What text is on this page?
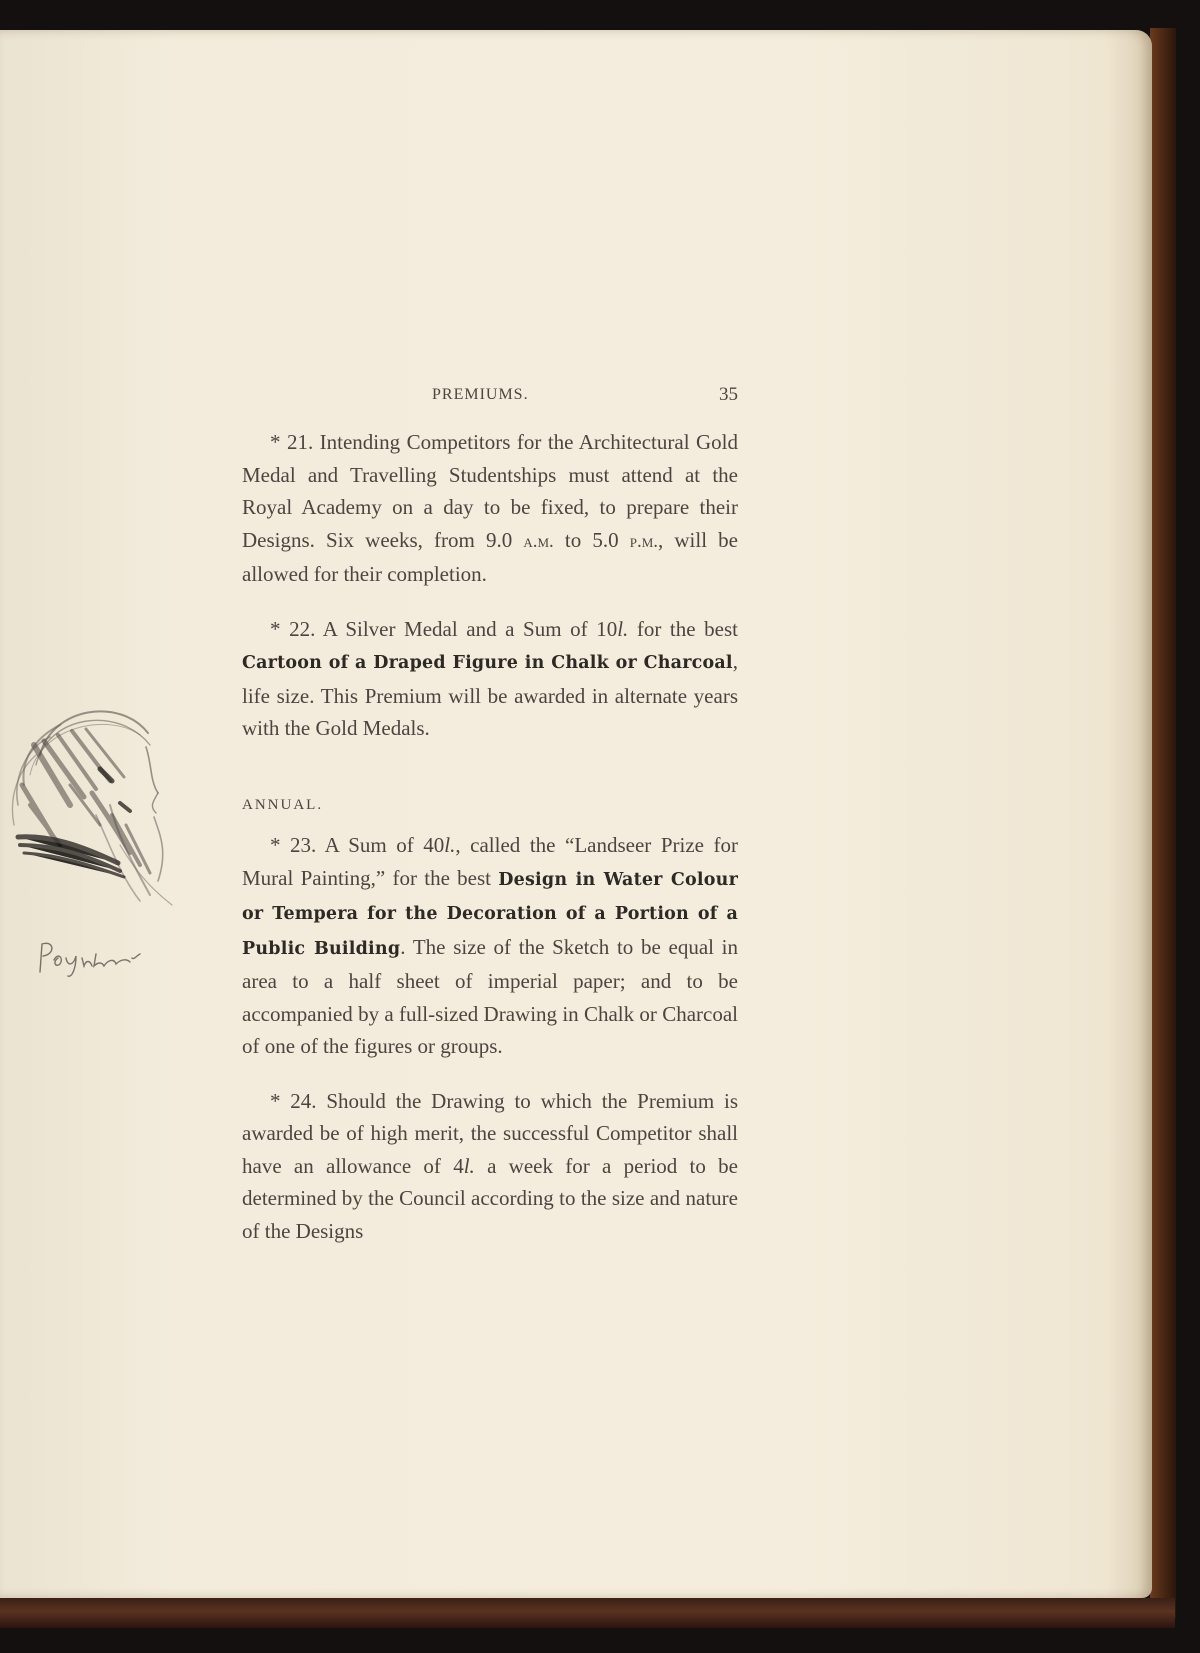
PREMIUMS.	35

* 21. Intending Competitors for the Architectural Gold Medal and Travelling Studentships must attend at the Royal Academy on a day to be fixed, to prepare their Designs. Six weeks, from 9.0 a.m. to 5.0 p.m., will be allowed for their completion.

* 22. A Silver Medal and a Sum of 10l. for the best Cartoon of a Draped Figure in Chalk or Charcoal, life size. This Premium will be awarded in alternate years with the Gold Medals.

ANNUAL.

* 23. A Sum of 40l., called the “Landseer Prize for Mural Painting,” for the best Design in Water Colour or Tempera for the Decoration of a Portion of a Public Building. The size of the Sketch to be equal in area to a half sheet of imperial paper; and to be accompanied by a full-sized Drawing in Chalk or Charcoal of one of the figures or groups.

* 24. Should the Drawing to which the Premium is awarded be of high merit, the successful Competitor shall have an allowance of 4l. a week for a period to be determined by the Council according to the size and nature of the Designs
